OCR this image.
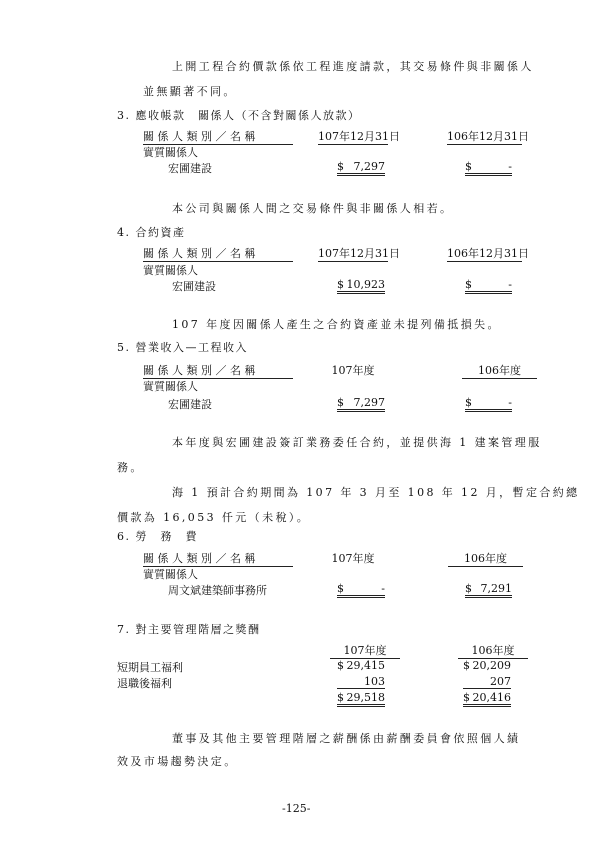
上開工程合約價款係依工程進度請款，其交易條件與非關係人
並無顯著不同。
3. 應收帳款　關係人（不含對關係人放款）
關 係 人 類 別 ／ 名 稱	107年12月31日	106年12月31日
實質關係人
宏圃建設	$ 7,297	$	-
本公司與關係人間之交易條件與非關係人相若。
4. 合約資產
關 係 人 類 別 ／ 名 稱	107年12月31日	106年12月31日
實質關係人
宏圃建設	$ 10,923	$	-
107 年度因關係人產生之合約資產並未提列備抵損失。
5. 營業收入—工程收入
關 係 人 類 別 ／ 名 稱	107年度	106年度
實質關係人
宏圃建設	$ 7,297	$	-
本年度與宏圃建設簽訂業務委任合約，並提供海 1 建案管理服
務。
海 1 預計合約期間為 107 年 3 月至 108 年 12 月，暫定合約總
價款為 16,053 仟元（未稅）。
6. 勞　務　費
關 係 人 類 別 ／ 名 稱	107年度	106年度
實質關係人
周文斌建築師事務所	$	-	$ 7,291
7. 對主要管理階層之獎酬
107年度	106年度
短期員工福利	$ 29,415	$ 20,209
退職後福利	103	207
$ 29,518	$ 20,416
董事及其他主要管理階層之薪酬係由薪酬委員會依照個人績
效及市場趨勢決定。
-125-
